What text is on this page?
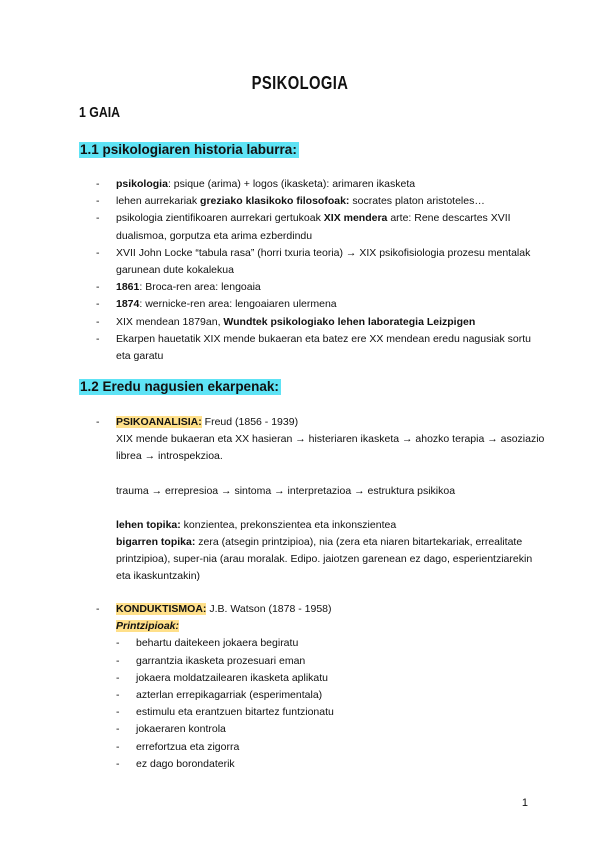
PSIKOLOGIA
1 GAIA
1.1 psikologiaren historia laburra:
- psikologia: psique (arima) + logos (ikasketa): arimaren ikasketa
- lehen aurrekariak greziako klasikoko filosofoak: socrates platon aristoteles…
- psikologia zientifikoaren aurrekari gertukoak XIX mendera arte: Rene descartes XVII dualismoa, gorputza eta arima ezberdindu
- XVII John Locke “tabula rasa” (horri txuria teoria) → XIX psikofisiologia prozesu mentalak garunean dute kokalekua
- 1861: Broca-ren area: lengoaia
- 1874: wernicke-ren area: lengoaiaren ulermena
- XIX mendean 1879an, Wundtek psikologiako lehen laborategia Leizpigen
- Ekarpen hauetatik XIX mende bukaeran eta batez ere XX mendean eredu nagusiak sortu eta garatu
1.2 Eredu nagusien ekarpenak:
- PSIKOANALISIA: Freud (1856 - 1939)
XIX mende bukaeran eta XX hasieran → histeriaren ikasketa → ahozko terapia → asoziazio librea → introspekzioa.
trauma → errepresioa → sintoma → interpretazioa → estruktura psikikoa
lehen topika: konzientea, prekonszientea eta inkonszientea
bigarren topika: zera (atsegin printzipioa), nia (zera eta niaren bitartekariak, errealitate printzipioa), super-nia (arau moralak. Edipo. jaiotzen garenean ez dago, esperientziarekin eta ikaskuntzakin)
- KONDUKTISMOA: J.B. Watson (1878 - 1958)
Printzipioak:
- behartu daitekeen jokaera begiratu
- garrantzia ikasketa prozesuari eman
- jokaera moldatzailearen ikasketa aplikatu
- azterlan errepikagarriak (esperimentala)
- estimulu eta erantzuen bitartez funtzionatu
- jokaeraren kontrola
- errefortzua eta zigorra
- ez dago borondaterik
1
